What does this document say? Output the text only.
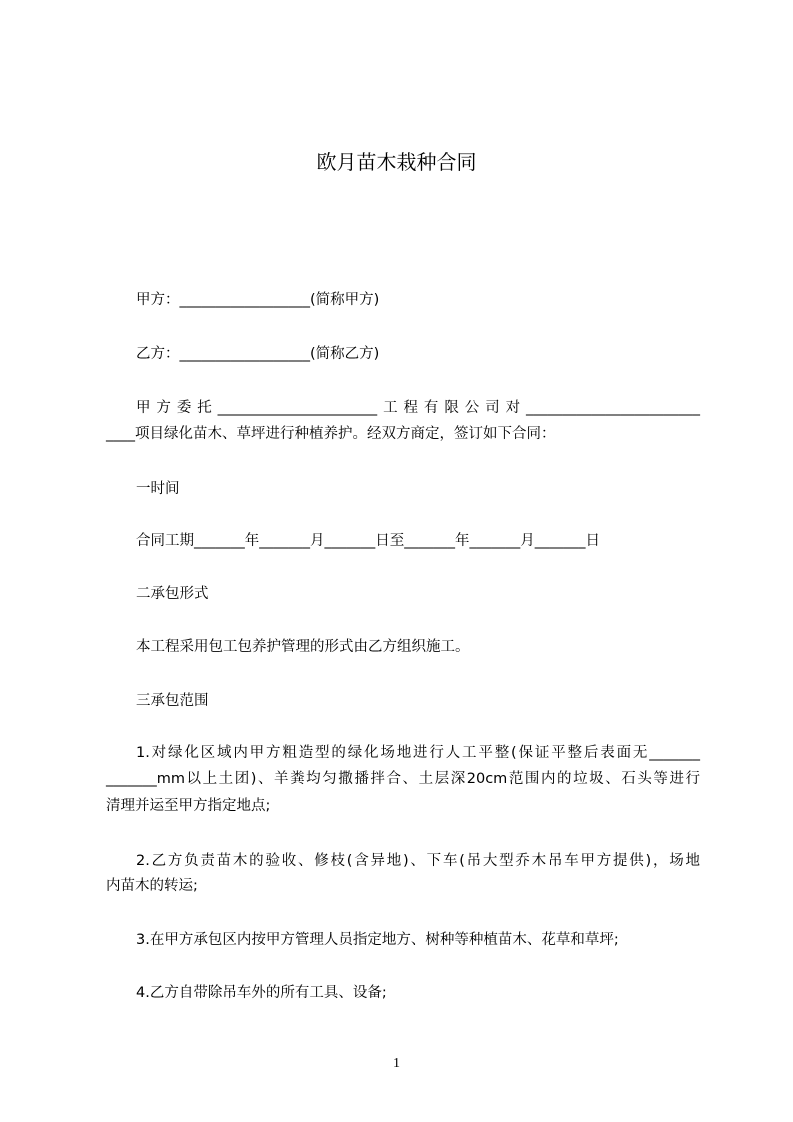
欧月苗木栽种合同
甲方：__________________(简称甲方)
乙方：__________________(简称乙方)
甲方委托______________________工程有限公司对________________________
____项目绿化苗木、草坪进行种植养护。经双方商定，签订如下合同：
一时间
合同工期_______年_______月_______日至_______年_______月_______日
二承包形式
本工程采用包工包养护管理的形式由乙方组织施工。
三承包范围
1.对绿化区域内甲方粗造型的绿化场地进行人工平整(保证平整后表面无_______
_______mm以上土团)、羊粪均匀撒播拌合、土层深20cm范围内的垃圾、石头等进行
清理并运至甲方指定地点;
2.乙方负责苗木的验收、修枝(含异地)、下车(吊大型乔木吊车甲方提供)，场地
内苗木的转运;
3.在甲方承包区内按甲方管理人员指定地方、树种等种植苗木、花草和草坪;
4.乙方自带除吊车外的所有工具、设备;
1
